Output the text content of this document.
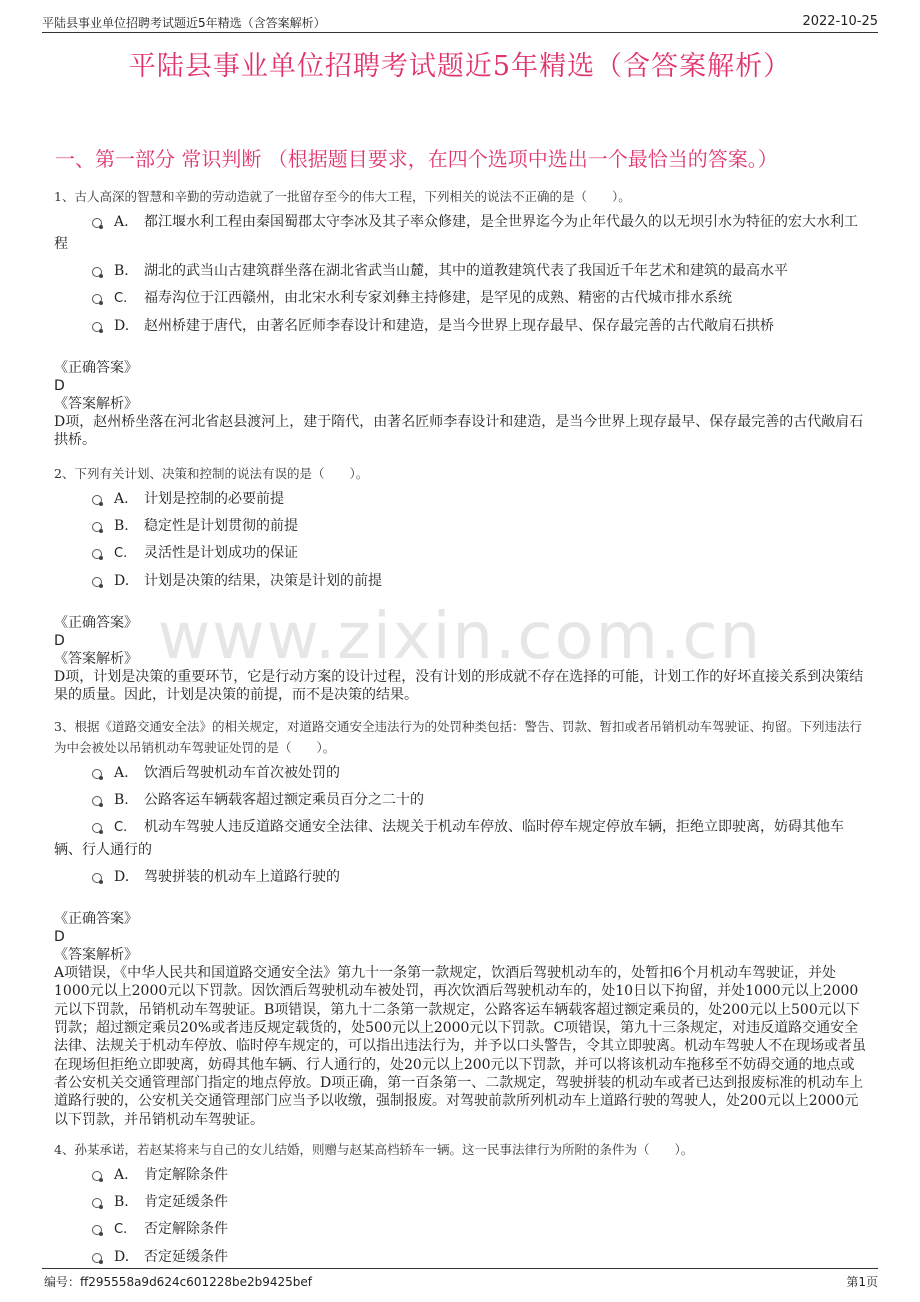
平陆县事业单位招聘考试题近5年精选（含答案解析）	2022-10-25
平陆县事业单位招聘考试题近5年精选（含答案解析）
一、第一部分 常识判断 （根据题目要求，在四个选项中选出一个最恰当的答案。）
www.zixin.com.cn

1、古人高深的智慧和辛勤的劳动造就了一批留存至今的伟大工程，下列相关的说法不正确的是（　　）。

A. 都江堰水利工程由秦国蜀郡太守李冰及其子率众修建，是全世界迄今为止年代最久的以无坝引水为特征的宏大水利工程
B. 湖北的武当山古建筑群坐落在湖北省武当山麓，其中的道教建筑代表了我国近千年艺术和建筑的最高水平
C. 福寿沟位于江西赣州，由北宋水利专家刘彝主持修建，是罕见的成熟、精密的古代城市排水系统
D. 赵州桥建于唐代，由著名匠师李春设计和建造，是当今世界上现存最早、保存最完善的古代敞肩石拱桥

《正确答案》

D

《答案解析》

D项，赵州桥坐落在河北省赵县渡河上，建于隋代，由著名匠师李春设计和建造，是当今世界上现存最早、保存最完善的古代敞肩石拱桥。

2、下列有关计划、决策和控制的说法有误的是（　　）。

A. 计划是控制的必要前提
B. 稳定性是计划贯彻的前提
C. 灵活性是计划成功的保证
D. 计划是决策的结果，决策是计划的前提

《正确答案》

D

《答案解析》

D项，计划是决策的重要环节，它是行动方案的设计过程，没有计划的形成就不存在选择的可能，计划工作的好坏直接关系到决策结果的质量。因此，计划是决策的前提，而不是决策的结果。

3、根据《道路交通安全法》的相关规定，对道路交通安全违法行为的处罚种类包括：警告、罚款、暂扣或者吊销机动车驾驶证、拘留。下列违法行为中会被处以吊销机动车驾驶证处罚的是（　　）。

A. 饮酒后驾驶机动车首次被处罚的
B. 公路客运车辆载客超过额定乘员百分之二十的
C. 机动车驾驶人违反道路交通安全法律、法规关于机动车停放、临时停车规定停放车辆，拒绝立即驶离，妨碍其他车辆、行人通行的
D. 驾驶拼装的机动车上道路行驶的

《正确答案》

D

《答案解析》

A项错误，《中华人民共和国道路交通安全法》第九十一条第一款规定，饮酒后驾驶机动车的，处暂扣6个月机动车驾驶证，并处1000元以上2000元以下罚款。因饮酒后驾驶机动车被处罚，再次饮酒后驾驶机动车的，处10日以下拘留，并处1000元以上2000元以下罚款，吊销机动车驾驶证。B项错误，第九十二条第一款规定，公路客运车辆载客超过额定乘员的，处200元以上500元以下罚款；超过额定乘员20%或者违反规定载货的，处500元以上2000元以下罚款。C项错误，第九十三条规定，对违反道路交通安全法律、法规关于机动车停放、临时停车规定的，可以指出违法行为，并予以口头警告，令其立即驶离。机动车驾驶人不在现场或者虽在现场但拒绝立即驶离，妨碍其他车辆、行人通行的，处20元以上200元以下罚款，并可以将该机动车拖移至不妨碍交通的地点或者公安机关交通管理部门指定的地点停放。D项正确，第一百条第一、二款规定，驾驶拼装的机动车或者已达到报废标准的机动车上道路行驶的，公安机关交通管理部门应当予以收缴，强制报废。对驾驶前款所列机动车上道路行驶的驾驶人，处200元以上2000元以下罚款，并吊销机动车驾驶证。

4、孙某承诺，若赵某将来与自己的女儿结婚，则赠与赵某高档轿车一辆。这一民事法律行为所附的条件为（　　）。

A. 肯定解除条件
B. 肯定延缓条件
C. 否定解除条件
D. 否定延缓条件
编号：ff295558a9d624c601228be2b9425bef	第1页
